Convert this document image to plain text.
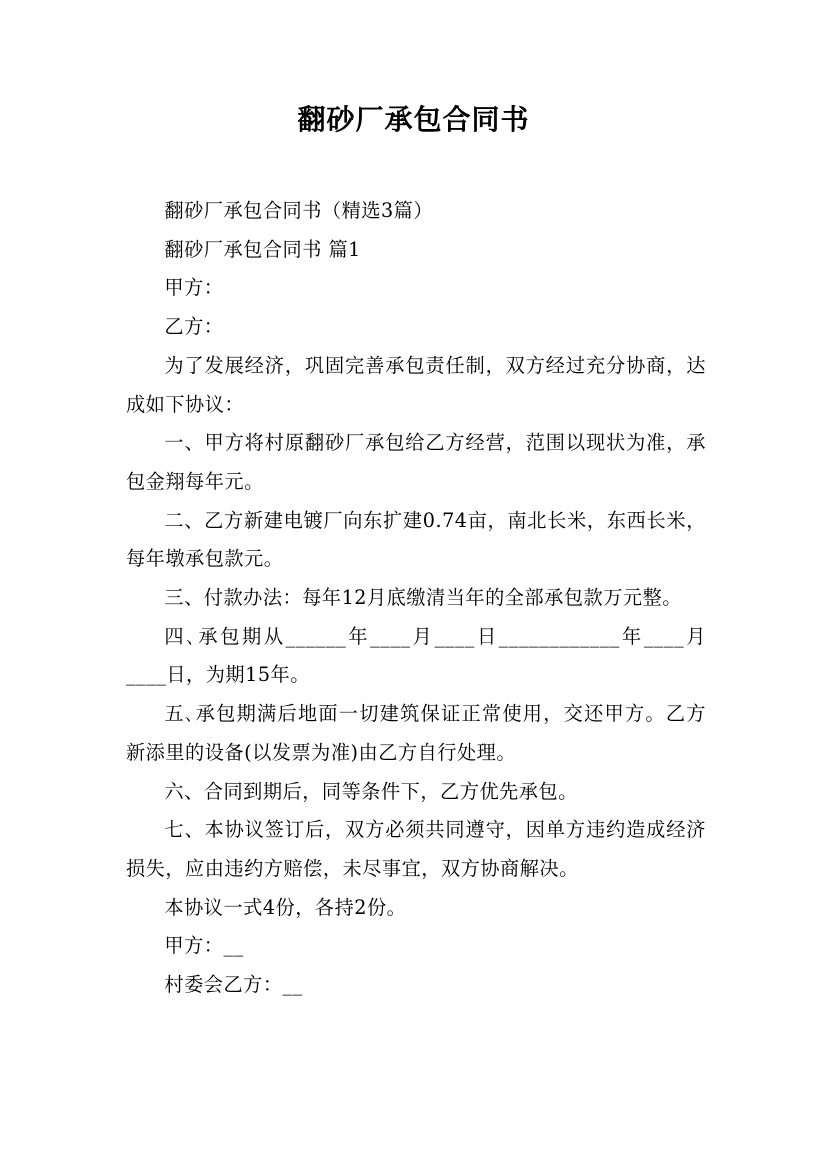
翻砂厂承包合同书

翻砂厂承包合同书（精选3篇）

翻砂厂承包合同书 篇1

甲方：

乙方：

为了发展经济，巩固完善承包责任制，双方经过充分协商，达成如下协议：

一、甲方将村原翻砂厂承包给乙方经营，范围以现状为准，承包金翔每年元。

二、乙方新建电镀厂向东扩建0.74亩，南北长米，东西长米，每年墩承包款元。

三、付款办法：每年12月底缴清当年的全部承包款万元整。

四､承包期从______年____月____日____________年____月____日，为期15年。

五､承包期满后地面一切建筑保证正常使用，交还甲方。乙方新添里的设备(以发票为准)由乙方自行处理。

六、合同到期后，同等条件下，乙方优先承包。

七、本协议签订后，双方必须共同遵守，因单方违约造成经济损失，应由违约方赔偿，未尽事宜，双方协商解决。

本协议一式4份，各持2份。

甲方：__

村委会乙方：__
